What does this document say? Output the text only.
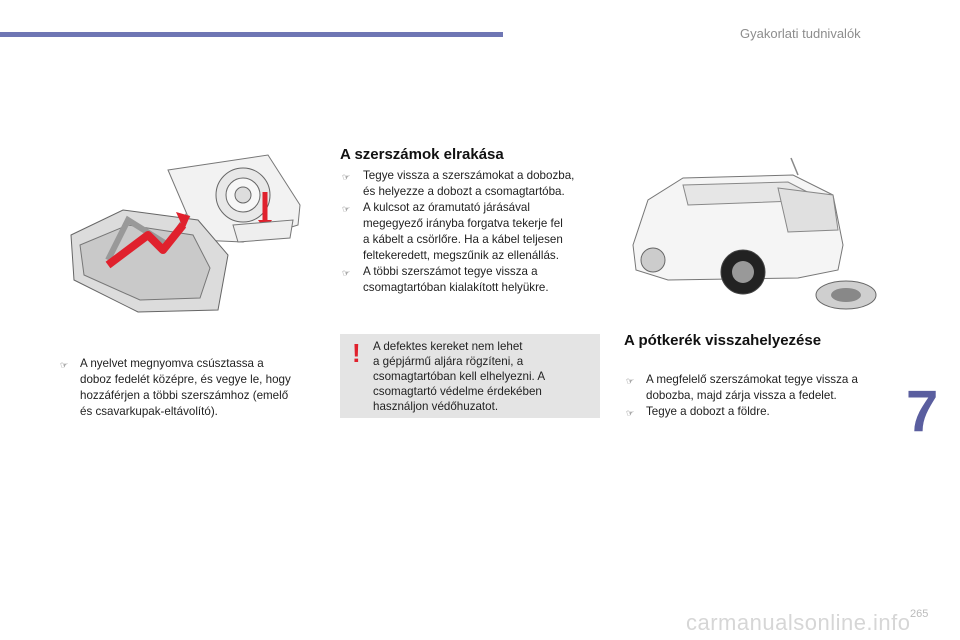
Gyakorlati tudnivalók
☞ A nyelvet megnyomva csúsztassa a
doboz fedelét középre, és vegye le, hogy
hozzáférjen a többi szerszámhoz (emelő
és csavarkupak-eltávolító).
A szerszámok elrakása
☞ Tegye vissza a szerszámokat a dobozba,
és helyezze a dobozt a csomagtartóba.
☞ A kulcsot az óramutató járásával
megegyező irányba forgatva tekerje fel
a kábelt a csörlőre. Ha a kábel teljesen
feltekeredett, megszűnik az ellenállás.
☞ A többi szerszámot tegye vissza a
csomagtartóban kialakított helyükre.
! A defektes kereket nem lehet
a gépjármű aljára rögzíteni, a
csomagtartóban kell elhelyezni. A
csomagtartó védelme érdekében
használjon védőhuzatot.
A pótkerék visszahelyezése
☞ A megfelelő szerszámokat tegye vissza a
dobozba, majd zárja vissza a fedelet.
☞ Tegye a dobozt a földre. 7
carmanualsonline.info 265
